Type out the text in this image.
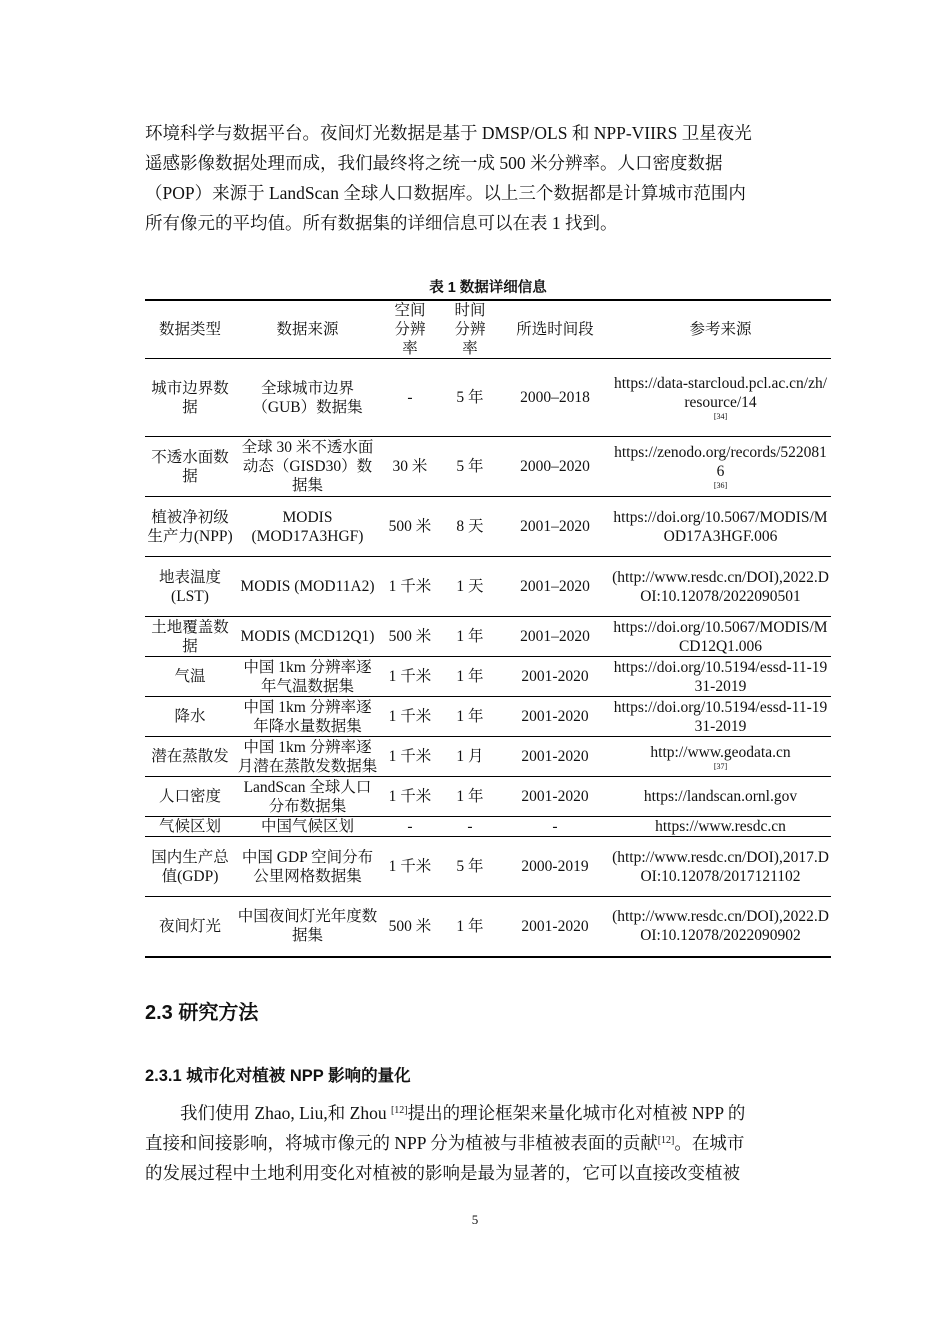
环境科学与数据平台。夜间灯光数据是基于 DMSP/OLS 和 NPP-VIIRS 卫星夜光
遥感影像数据处理而成，我们最终将之统一成 500 米分辨率。人口密度数据
（POP）来源于 LandScan 全球人口数据库。以上三个数据都是计算城市范围内
所有像元的平均值。所有数据集的详细信息可以在表 1 找到。

表 1 数据详细信息
数据类型	数据来源	空间分辨率	时间分辨率	所选时间段	参考来源
城市边界数据	全球城市边界（GUB）数据集	-	5 年	2000–2018	https://data-starcloud.pcl.ac.cn/zh/resource/14
[34]

不透水面数据	全球 30 米不透水面动态（GISD30）数据集	30 米	5 年	2000–2020	https://zenodo.org/records/5220816
[36]

植被净初级生产力(NPP)	MODIS (MOD17A3HGF)	500 米	8 天	2001–2020	https://doi.org/10.5067/MODIS/MOD17A3HGF.006
地表温度(LST)	MODIS (MOD11A2)	1 千米	1 天	2001–2020	(http://www.resdc.cn/DOI),2022.DOI:10.12078/2022090501
土地覆盖数据	MODIS (MCD12Q1)	500 米	1 年	2001–2020	https://doi.org/10.5067/MODIS/MCD12Q1.006
气温	中国 1km 分辨率逐年气温数据集	1 千米	1 年	2001-2020	https://doi.org/10.5194/essd-11-1931-2019
降水	中国 1km 分辨率逐年降水量数据集	1 千米	1 年	2001-2020	https://doi.org/10.5194/essd-11-1931-2019
潜在蒸散发	中国 1km 分辨率逐月潜在蒸散发数据集	1 千米	1 月	2001-2020	http://www.geodata.cn
[37]

人口密度	LandScan 全球人口分布数据集	1 千米	1 年	2001-2020	https://landscan.ornl.gov
气候区划	中国气候区划	-	-	-	https://www.resdc.cn
国内生产总值(GDP)	中国 GDP 空间分布公里网格数据集	1 千米	5 年	2000-2019	(http://www.resdc.cn/DOI),2017.DOI:10.12078/2017121102
夜间灯光	中国夜间灯光年度数据集	500 米	1 年	2001-2020	(http://www.resdc.cn/DOI),2022.DOI:10.12078/2022090902
2.3 研究方法
2.3.1 城市化对植被 NPP 影响的量化

我们使用 Zhao, Liu,和 Zhou [12]提出的理论框架来量化城市化对植被 NPP 的
直接和间接影响，将城市像元的 NPP 分为植被与非植被表面的贡献[12]。在城市
的发展过程中土地利用变化对植被的影响是最为显著的，它可以直接改变植被

5
